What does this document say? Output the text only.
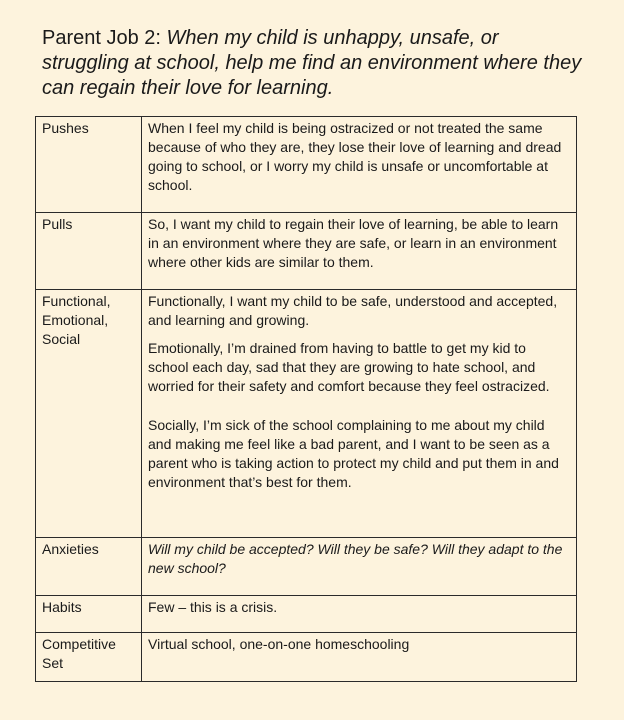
Parent Job 2: When my child is unhappy, unsafe, or struggling at school, help me find an environment where they can regain their love for learning.
Pushes	When I feel my child is being ostracized or not treated the same because of who they are, they lose their love of learning and dread going to school, or I worry my child is unsafe or uncomfortable at school.
Pulls	So, I want my child to regain their love of learning, be able to learn in an environment where they are safe, or learn in an environment where other kids are similar to them.
Functional, Emotional, Social	Functionally, I want my child to be safe, understood and accepted, and learning and growing.

Emotionally, I’m drained from having to battle to get my kid to school each day, sad that they are growing to hate school, and worried for their safety and comfort because they feel ostracized.

Socially, I’m sick of the school complaining to me about my child and making me feel like a bad parent, and I want to be seen as a parent who is taking action to protect my child and put them in and environment that’s best for them.

Anxieties	Will my child be accepted? Will they be safe? Will they adapt to the new school?
Habits	Few – this is a crisis.
Competitive Set	Virtual school, one-on-one homeschooling
